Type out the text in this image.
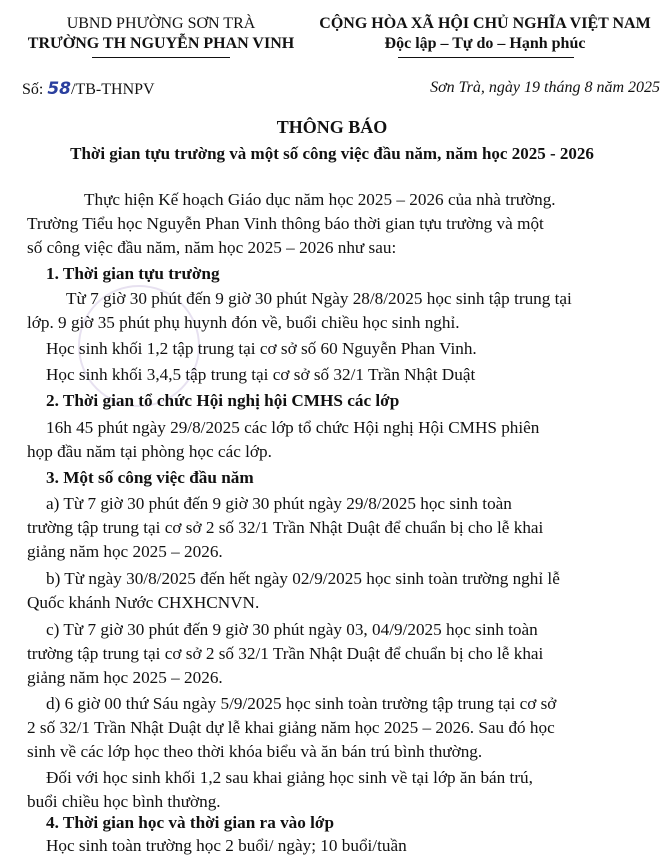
UBND PHƯỜNG SƠN TRÀ
TRƯỜNG TH NGUYỄN PHAN VINH
CỘNG HÒA XÃ HỘI CHỦ NGHĨA VIỆT NAM
Độc lập – Tự do – Hạnh phúc
Số: 58/TB-THNPV	Sơn Trà, ngày 19 tháng 8 năm 2025
THÔNG BÁO
Thời gian tựu trường và một số công việc đầu năm, năm học 2025 - 2026
Thực hiện Kế hoạch Giáo dục năm học 2025 – 2026 của nhà trường.
Trường Tiểu học Nguyễn Phan Vinh thông báo thời gian tựu trường và một
số công việc đầu năm, năm học 2025 – 2026 như sau:
1. Thời gian tựu trường
Từ 7 giờ 30 phút đến 9 giờ 30 phút Ngày 28/8/2025 học sinh tập trung tại
lớp. 9 giờ 35 phút phụ huynh đón về, buổi chiều học sinh nghỉ.
Học sinh khối 1,2 tập trung tại cơ sở số 60 Nguyễn Phan Vinh.
Học sinh khối 3,4,5 tập trung tại cơ sở số 32/1 Trần Nhật Duật
2. Thời gian tổ chức Hội nghị hội CMHS các lớp
16h 45 phút ngày 29/8/2025 các lớp tổ chức Hội nghị Hội CMHS phiên
họp đầu năm tại phòng học các lớp.
3. Một số công việc đầu năm
a) Từ 7 giờ 30 phút đến 9 giờ 30 phút ngày 29/8/2025 học sinh toàn
trường tập trung tại cơ sở 2 số 32/1 Trần Nhật Duật để chuẩn bị cho lễ khai
giảng năm học 2025 – 2026.
b) Từ ngày 30/8/2025 đến hết ngày 02/9/2025 học sinh toàn trường nghỉ lễ
Quốc khánh Nước CHXHCNVN.
c) Từ 7 giờ 30 phút đến 9 giờ 30 phút ngày 03, 04/9/2025 học sinh toàn
trường tập trung tại cơ sở 2 số 32/1 Trần Nhật Duật để chuẩn bị cho lễ khai
giảng năm học 2025 – 2026.
d) 6 giờ 00 thứ Sáu ngày 5/9/2025 học sinh toàn trường tập trung tại cơ sở
2 số 32/1 Trần Nhật Duật dự lễ khai giảng năm học 2025 – 2026. Sau đó học
sinh về các lớp học theo thời khóa biểu và ăn bán trú bình thường.
Đối với học sinh khối 1,2 sau khai giảng học sinh về tại lớp ăn bán trú,
buổi chiều học bình thường.
4. Thời gian học và thời gian ra vào lớp
Học sinh toàn trường học 2 buổi/ ngày; 10 buổi/tuần
